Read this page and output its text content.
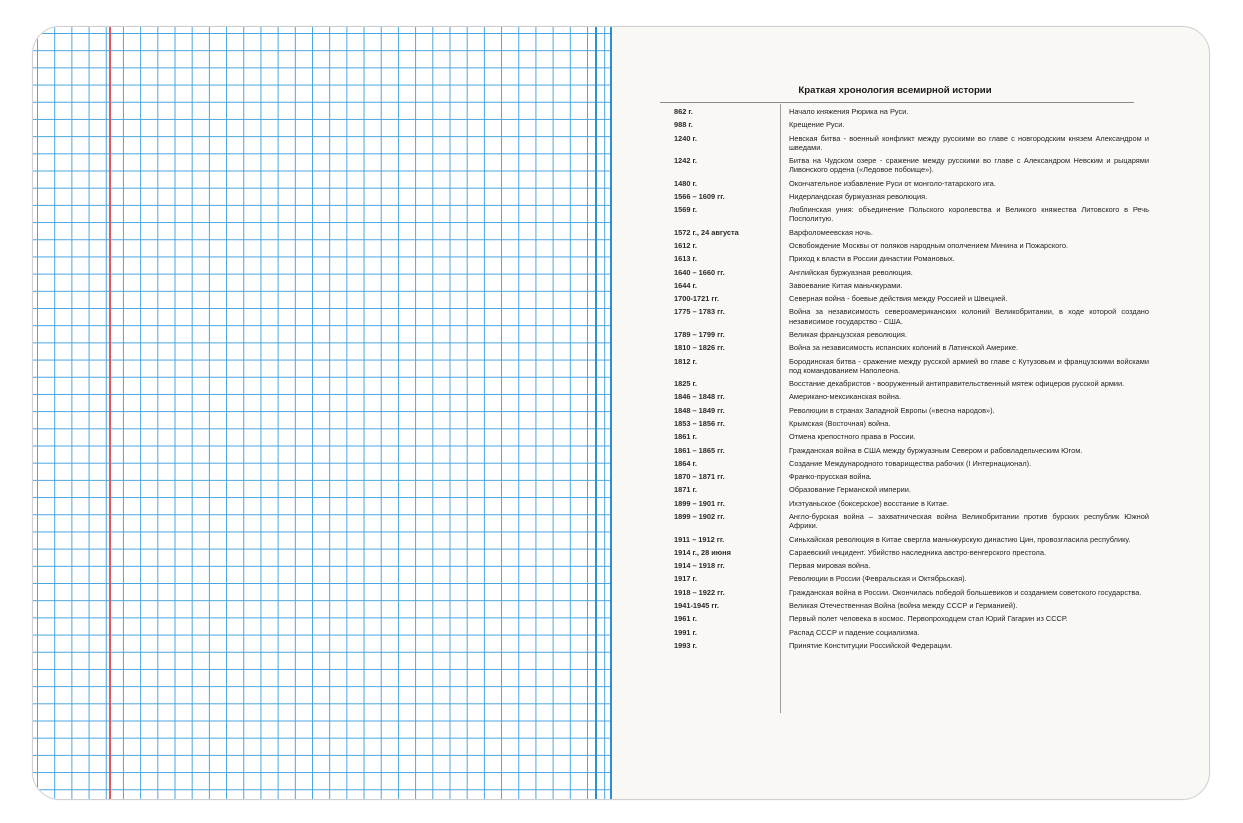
Краткая хронология всемирной истории
862 г.	Начало княжения Рюрика на Руси.
988 г.	Крещение Руси.
1240 г.	Невская битва - военный конфликт между русскими во главе с новгородским князем Александром и шведами.
1242 г.	Битва на Чудском озере - сражение между русскими во главе с Александром Невским и рыцарями Ливонского ордена («Ледовое побоище»).
1480 г.	Окончательное избавление Руси от монголо-татарского ига.
1566 – 1609 гг.	Нидерландская буржуазная революция.
1569 г.	Люблинская уния: объединение Польского королевства и Великого княжества Литовского в Речь Посполитую.
1572 г., 24 августа	Варфоломеевская ночь.
1612 г.	Освобождение Москвы от поляков народным ополчением Минина и Пожарского.
1613 г.	Приход к власти в России династии Романовых.
1640 – 1660 гг.	Английская буржуазная революция.
1644 г.	Завоевание Китая маньчжурами.
1700-1721 гг.	Северная война - боевые действия между Россией и Швецией.
1775 – 1783 гг.	Война за независимость североамериканских колоний Великобритании, в ходе которой создано независимое государство - США.
1789 – 1799 гг.	Великая французская революция.
1810 – 1826 гг.	Война за независимость испанских колоний в Латинской Америке.
1812 г.	Бородинская битва - сражение между русской армией во главе с Кутузовым и французскими войсками под командованием Наполеона.
1825 г.	Восстание декабристов - вооруженный антиправительственный мятеж офицеров русской армии.
1846 – 1848 гг.	Американо-мексиканская война.
1848 – 1849 гг.	Революции в странах Западной Европы («весна народов»).
1853 – 1856 гг.	Крымская (Восточная) война.
1861 г.	Отмена крепостного права в России.
1861 – 1865 гг.	Гражданская война в США между буржуазным Севером и рабовладельческим Югом.
1864 г.	Создание Международного товарищества рабочих (I Интернационал).
1870 – 1871 гг.	Франко-прусская война.
1871 г.	Образование Германской империи.
1899 – 1901 гг.	Ихэтуаньское (боксерское) восстание в Китае.
1899 – 1902 гг.	Англо-бурская война – захватническая война Великобритании против бурских республик Южной Африки.
1911 – 1912 гг.	Синьхайская революция в Китае свергла маньчжурскую династию Цин, провозгласила республику.
1914 г., 28 июня	Сараевский инцидент. Убийство наследника австро-венгерского престола.
1914 – 1918 гг.	Первая мировая война.
1917 г.	Революции в России (Февральская и Октябрьская).
1918 – 1922 гг.	Гражданская война в России. Окончилась победой большевиков и созданием советского государства.
1941-1945 гг.	Великая Отечественная Война (война между СССР и Германией).
1961 г.	Первый полет человека в космос. Первопроходцем стал Юрий Гагарин из СССР.
1991 г.	Распад СССР и падение социализма.
1993 г.	Принятие Конституции Российской Федерации.
